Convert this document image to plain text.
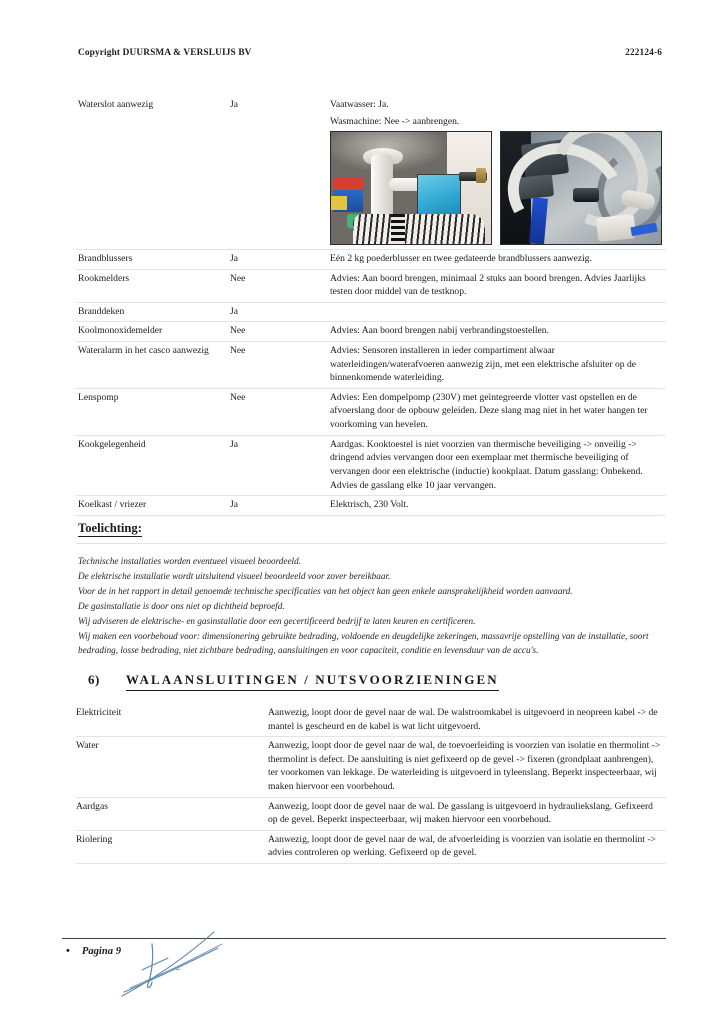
Copyright DUURSMA & VERSLUIJS BV	222124-6
Waterslot aanwezig	Ja	Vaatwasser: Ja.
Wasmachine: Nee -> aanbrengen.

Brandblussers	Ja	Eén 2 kg poederblusser en twee gedateerde brandblussers aanwezig.
Rookmelders	Nee	Advies: Aan boord brengen, minimaal 2 stuks aan boord brengen. Advies Jaarlijks testen door middel van de testknop.
Branddeken	Ja	
Koolmonoxidemelder	Nee	Advies: Aan boord brengen nabij verbrandingstoestellen.
Wateralarm in het casco aanwezig	Nee	Advies: Sensoren installeren in ieder compartiment alwaar waterleidingen/waterafvoeren aanwezig zijn, met een elektrische afsluiter op de binnenkomende waterleiding.
Lenspomp	Nee	Advies: Een dompelpomp (230V) met geïntegreerde vlotter vast opstellen en de afvoerslang door de opbouw geleiden. Deze slang mag niet in het water hangen ter voorkoming van hevelen.
Kookgelegenheid	Ja	Aardgas. Kooktoestel is niet voorzien van thermische beveiliging -> onveilig -> dringend advies vervangen door een exemplaar met thermische beveiliging of vervangen door een elektrische (inductie) kookplaat. Datum gasslang: Onbekend. Advies de gasslang elke 10 jaar vervangen.
Koelkast / vriezer	Ja	Elektrisch, 230 Volt.
Toelichting:		
Technische installaties worden eventueel visueel beoordeeld.
De elektrische installatie wordt uitsluitend visueel beoordeeld voor zover bereikbaar.
Voor de in het rapport in detail genoemde technische specificaties van het object kan geen enkele aansprakelijkheid worden aanvaard.
De gasinstallatie is door ons niet op dichtheid beproefd.
Wij adviseren de elektrische- en gasinstallatie door een gecertificeerd bedrijf te laten keuren en certificeren.
Wij maken een voorbehoud voor: dimensionering gebruikte bedrading, voldoende en deugdelijke zekeringen, massavrije opstelling van de installatie, soort bedrading, losse bedrading, niet zichtbare bedrading, aansluitingen en voor capaciteit, conditie en levensduur van de accu's.
6) WALAANSLUITINGEN / NUTSVOORZIENINGEN
Elektriciteit	Aanwezig, loopt door de gevel naar de wal. De walstroomkabel is uitgevoerd in neopreen kabel -> de mantel is gescheurd en de kabel is wat licht uitgevoerd.
Water	Aanwezig, loopt door de gevel naar de wal, de toevoerleiding is voorzien van isolatie en thermolint -> thermolint is defect. De aansluiting is niet gefixeerd op de gevel -> fixeren (grondplaat aanbrengen), ter voorkomen van lekkage. De waterleiding is uitgevoerd in tyleenslang. Beperkt inspecteerbaar, wij maken hiervoor een voorbehoud.
Aardgas	Aanwezig, loopt door de gevel naar de wal. De gasslang is uitgevoerd in hydrauliekslang. Gefixeerd op de gevel. Beperkt inspecteerbaar, wij maken hiervoor een voorbehoud.
Riolering	Aanwezig, loopt door de gevel naar de wal, de afvoerleiding is voorzien van isolatie en thermolint -> advies controleren op werking. Gefixeerd op de gevel.
• Pagina 9
